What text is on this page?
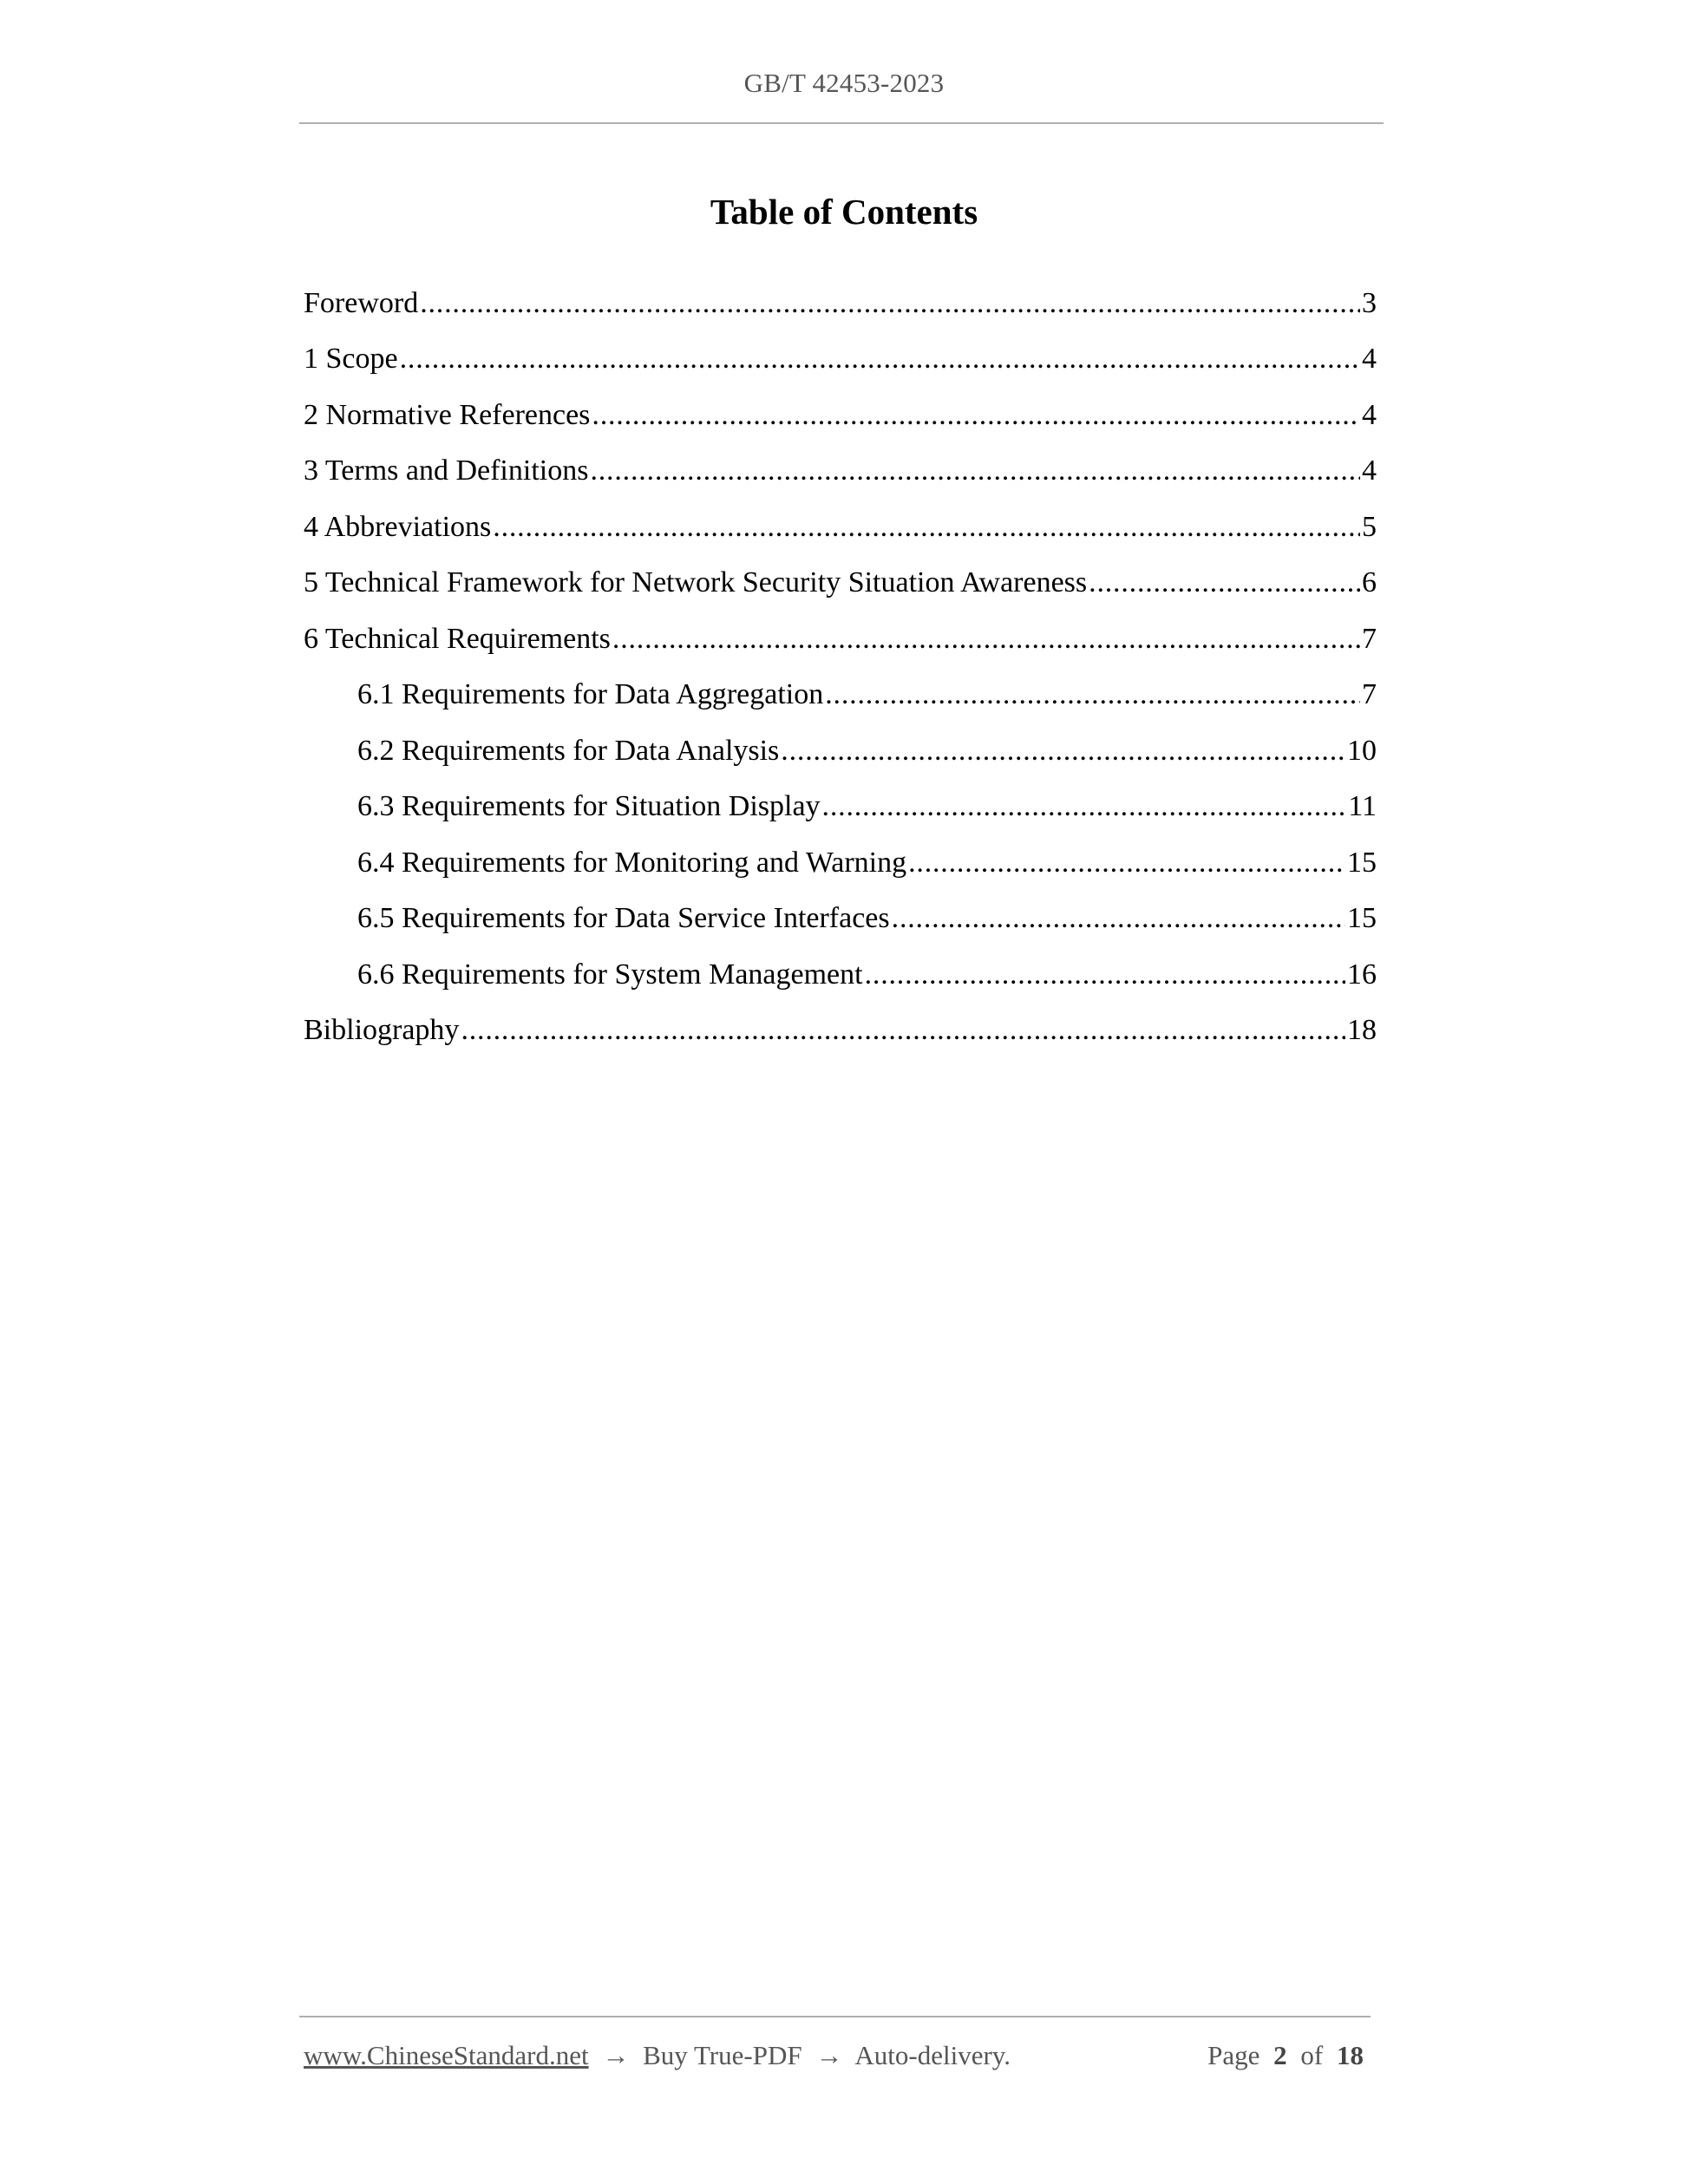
GB/T 42453-2023
Table of Contents
Foreword .....	3
1 Scope .....	4
2 Normative References .....	4
3 Terms and Definitions .....	4
4 Abbreviations .....	5
5 Technical Framework for Network Security Situation Awareness .....	6
6 Technical Requirements .....	7
6.1 Requirements for Data Aggregation .....	7
6.2 Requirements for Data Analysis .....	10
6.3 Requirements for Situation Display .....	11
6.4 Requirements for Monitoring and Warning .....	15
6.5 Requirements for Data Service Interfaces .....	15
6.6 Requirements for System Management .....	16
Bibliography .....	18
www.ChineseStandard.net → Buy True-PDF → Auto-delivery.	Page 2 of 18
